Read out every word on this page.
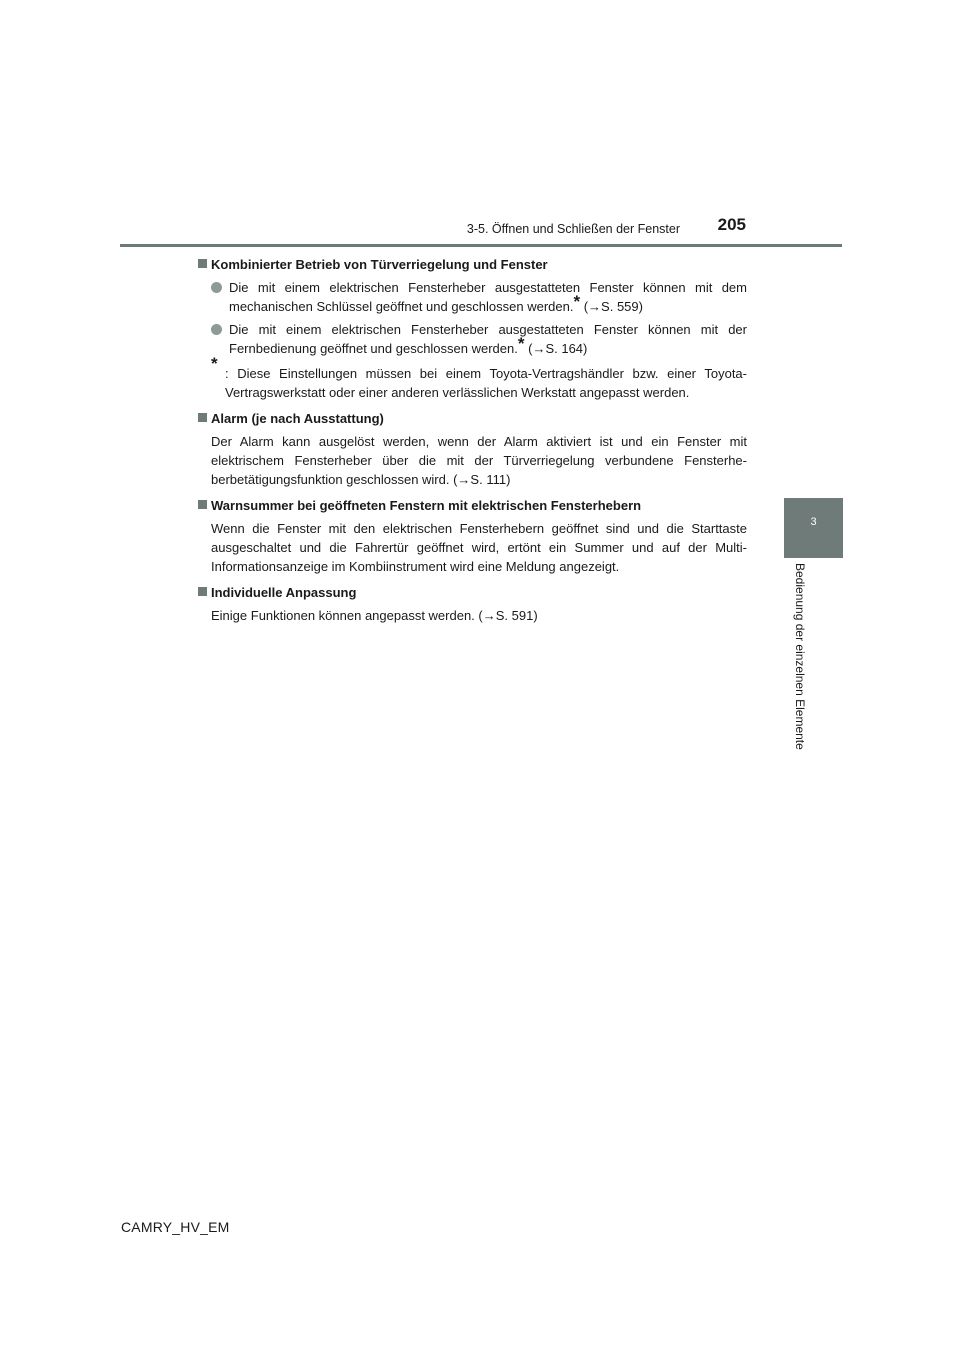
3-5. Öffnen und Schließen der Fenster 205
3
Bedienung der einzelnen Elemente
Kombinierter Betrieb von Türverriegelung und Fenster
Die mit einem elektrischen Fensterheber ausgestatteten Fenster können mit dem mechanischen Schlüssel geöffnet und geschlossen werden.* (→S. 559)
Die mit einem elektrischen Fensterheber ausgestatteten Fenster können mit der Fernbedienung geöffnet und geschlossen werden.* (→S. 164)
*
: Diese Einstellungen müssen bei einem Toyota-Vertragshändler bzw. einer Toyota-Vertragswerkstatt oder einer anderen verlässlichen Werkstatt angepasst werden.
Alarm (je nach Ausstattung)
Der Alarm kann ausgelöst werden, wenn der Alarm aktiviert ist und ein Fenster mit elektrischem Fensterheber über die mit der Türverriegelung verbundene Fensterhe-berbetätigungsfunktion geschlossen wird. (→S. 111)
Warnsummer bei geöffneten Fenstern mit elektrischen Fensterhebern
Wenn die Fenster mit den elektrischen Fensterhebern geöffnet sind und die Starttaste ausgeschaltet und die Fahrertür geöffnet wird, ertönt ein Summer und auf der Multi-Informationsanzeige im Kombiinstrument wird eine Meldung angezeigt.
Individuelle Anpassung
Einige Funktionen können angepasst werden. (→S. 591)
CAMRY_HV_EM
